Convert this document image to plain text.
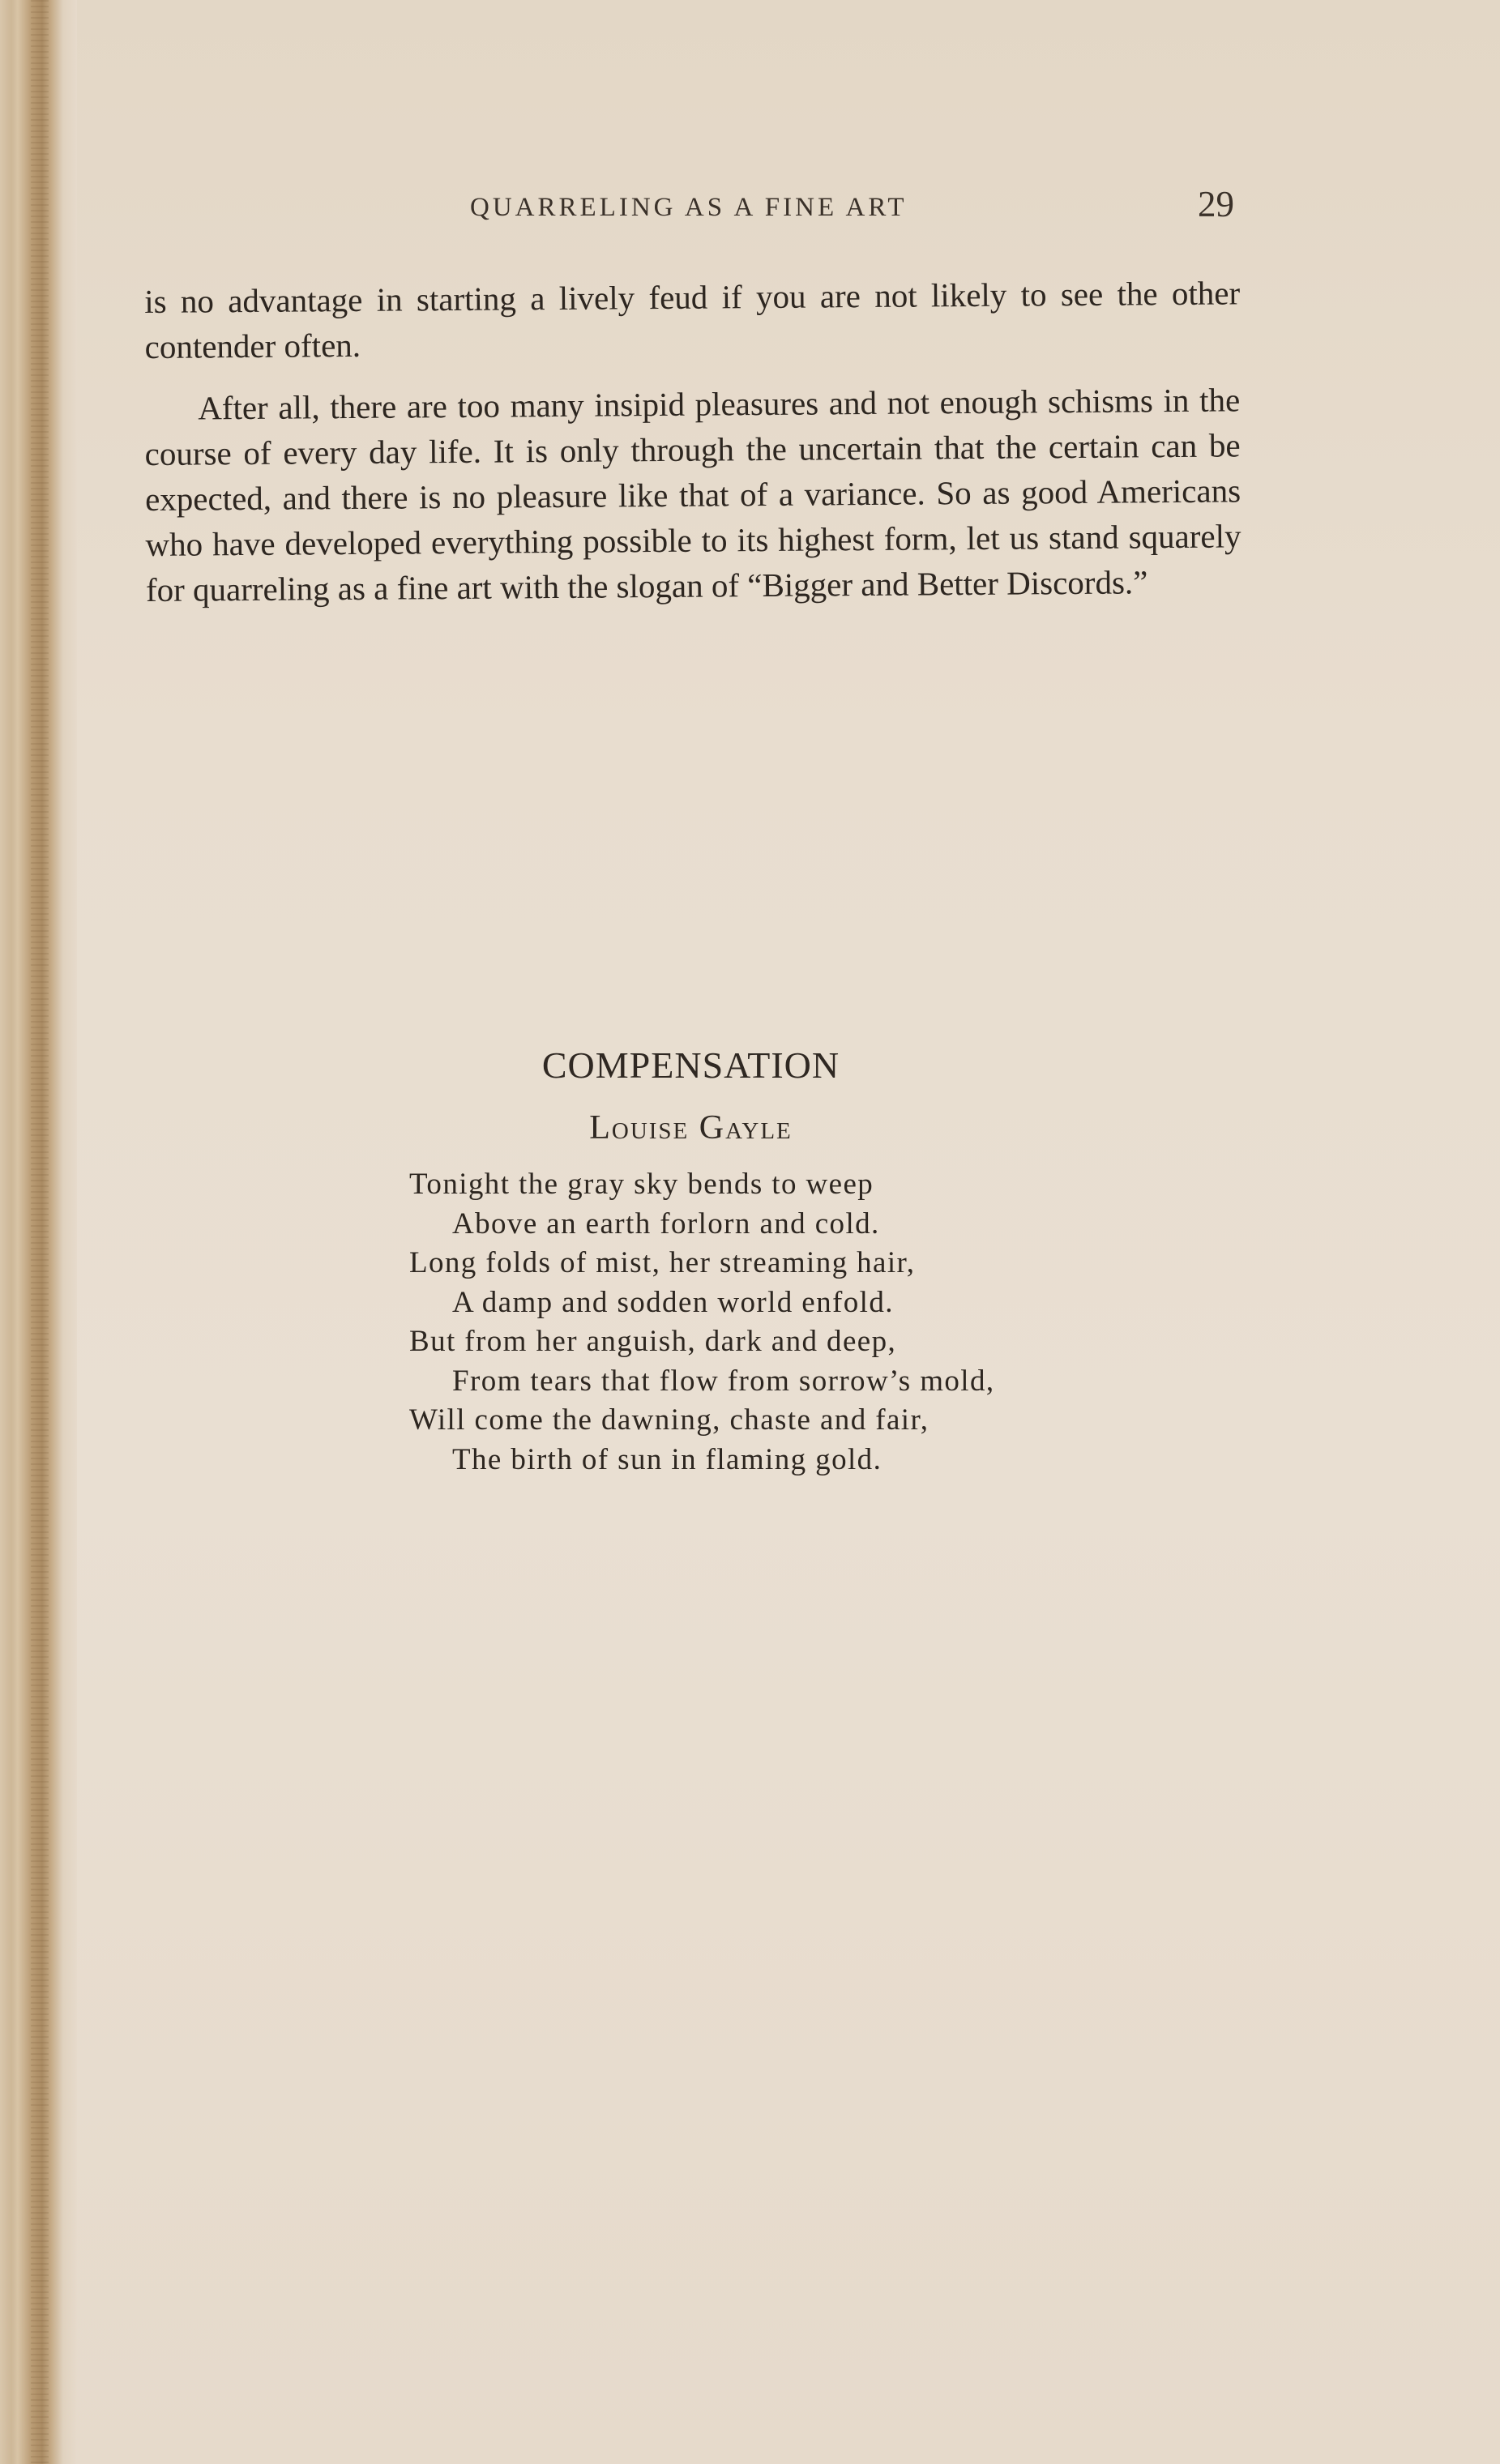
QUARRELING AS A FINE ART	29

is no advantage in starting a lively feud if you are not likely to see the other contender often.

After all, there are too many insipid pleasures and not enough schisms in the course of every day life. It is only through the uncertain that the certain can be expected, and there is no pleasure like that of a variance. So as good Americans who have developed everything possible to its highest form, let us stand squarely for quarreling as a fine art with the slogan of “Bigger and Better Discords.”

COMPENSATION
Louise Gayle
Tonight the gray sky bends to weep
Above an earth forlorn and cold.
Long folds of mist, her streaming hair,
A damp and sodden world enfold.
But from her anguish, dark and deep,
From tears that flow from sorrow’s mold,
Will come the dawning, chaste and fair,
The birth of sun in flaming gold.
